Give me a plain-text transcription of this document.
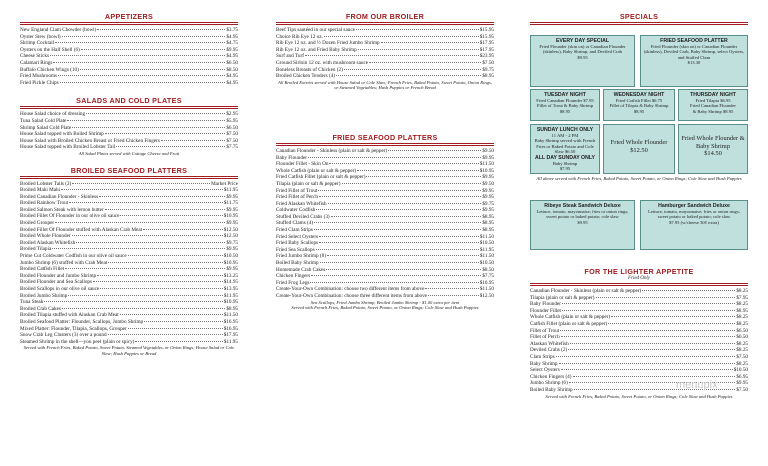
APPETIZERS
New England Clam Chowder (bowl)	$3.75
Oyster Stew (bowl)	$4.95
Shrimp Cocktail	$4.75
Oysters on the Half Shell (6)	$9.95
Cheese Sticks	$4.95
Calamari Rings	$6.50
Buffalo Chicken Wings (10)	$8.50
Fried Mushrooms	$4.95
Fried Pickle Chips	$4.95
SALADS AND COLD PLATES
House Salad choice of dressing	$2.95
Tuna Salad Cold Plate	$5.95
Shrimp Salad Cold Plate	$6.50
House Salad topped with Boiled Shrimp	$7.50
House Salad with Broiled Chicken Breast or Fried Chicken Fingers	$7.50
House Salad topped with Broiled Lobster Tail	$7.75
All Salad Plates served with Cottage Cheese and Fruit
BROILED SEAFOOD PLATTERS
Broiled Lobster Tails (2)	Market Price
Broiled Mahi Mahi	$11.95
Broiled Canadian Flounder - Skinless	$9.95
Broiled Rainbow Trout	$11.75
Broiled Salmon Steak with lemon butter	$9.95
Broiled Fillet Of Flounder in our olive oil sauce	$10.95
Broiled Grouper	$9.95
Broiled Fillet Of Flounder stuffed with Alaskan Crab Meat	$12.50
Broiled Whole Flounder	$12.50
Broiled Alaskan Whitefish	$9.75
Broiled Tilapia	$9.95
Prime Cut Coldwater Codfish in our olive oil sauce	$10.50
Jumbo Shrimp (6) stuffed with Crab Meat	$10.95
Broiled Catfish Fillet	$9.95
Broiled Flounder and Jumbo Shrimp	$13.25
Broiled Flounder and Sea Scallops	$14.95
Broiled Scallops in our olive oil sauce	$13.95
Broiled Jumbo Shrimp	$11.95
Tuna Steak	$10.95
Broiled Crab Cakes	$8.95
Broiled Tilapia stuffed with Alaskan Crab Meat	$11.50
Broiled Seafood Platter: Flounder, Scallops, Jumbo Shrimp	$16.95
Mixed Platter: Flounder, Tilapia, Scallops, Grouper	$16.95
Snow Crab Leg Clusters (3) over a pound	$17.95
Steamed Shrimp in the shell—you peel (plain or spicy)	$11.95
Served with French Fries, Baked Potato, Sweet Potato, Steamed Vegetables, or Onion Rings; House Salad or Cole Slaw; Hush Puppies or Bread
FROM OUR BROILER
Beef Tips sautéed in our special sauce	$15.95
Choice Rib Eye 12 oz.	$15.95
Rib Eye 12 oz. and ½ Dozen Fried Jumbo Shrimp	$17.95
Rib Eye 12 oz. and Fried Baby Shrimp	$17.95
Surf and Turf	$23.95
Ground Sirloin 12 oz. with mushroom sauce	$7.50
Boneless Breasts of Chicken (2)	$9.75
Broiled Chicken Tenders (4)	$8.95
All Broiled Entrées served with House Salad or Cole Slaw; French Fries, Baked Potato, Sweet Potato, Onion Rings, or Steamed Vegetables; Hush Puppies or French Bread
FRIED SEAFOOD PLATTERS
Canadian Flounder - Skinless (plain or salt & pepper)	$9.50
Baby Flounder	$9.95
Flounder Fillet - Skin On	$11.50
Whole Catfish (plain or salt & pepper)	$10.95
Fried Catfish Fillet (plain or salt & pepper)	$9.95
Tilapia (plain or salt & pepper)	$9.50
Fried Fillet of Trout	$9.95
Fried Fillet of Perch	$9.95
Fried Alaskan Whitefish	$9.75
Coldwater Codfish	$9.95
Stuffed Deviled Crabs (3)	$8.95
Stuffed Clams (4)	$8.95
Fried Clam Strips	$8.95
Fried Select Oysters	$11.50
Fried Baby Scallops	$10.50
Fried Sea Scallops	$11.95
Fried Jumbo Shrimp (8)	$11.50
Boiled Baby Shrimp	$10.50
Homemade Crab Cakes	$8.50
Chicken Fingers	$7.75
Fried Frog Legs	$10.95
Create-Your-Own Combination: choose two different items from above	$11.50
Create-Your-Own Combination: choose three different items from above	$12.50
Sea Scallops, Fried Jumbo Shrimp, Broiled Jumbo Shrimp - $1.00 extra per item
Served with French Fries, Baked Potato, Sweet Potato, or Onion Rings; Cole Slaw and Hush Puppies
SPECIALS
EVERY DAY SPECIAL
Fried Flounder (skin on) or Canadian Flounder (skinless), Baby Shrimp, and Deviled Crab
$9.95
FRIED SEAFOOD PLATTER
Fried Flounder (skin on) or Canadian Flounder (skinless), Deviled Crab, Baby Shrimp, select Oysters, and Stuffed Clam
$13.30
TUESDAY NIGHT
Fried Canadian Flounder $7.95
Fillet of Trout & Baby Shrimp
$8.95
WEDNESDAY NIGHT
Fried Catfish Fillet $6.75
Fillet of Tilapia & Baby Shrimp
$8.95
THURSDAY NIGHT
Fried Tilapia $6.95
Fried Canadian Flounder
& Baby Shrimp $8.95
SUNDAY LUNCH ONLY
11 AM - 2 PM
Baby Shrimp served with French Fries or Baked Potato and Cole Slaw $6.50
ALL DAY SUNDAY ONLY
Baby Shrimp
$7.95
Fried Whole Flounder
$12.50
Fried Whole Flounder & Baby Shrimp
$14.50
All above served with French Fries, Baked Potato, Sweet Potato, or Onion Rings; Cole Slaw and Hush Puppies
Ribeye Steak Sandwich Deluxe
Lettuce, tomato, mayonnaise; fries or onion rings; sweet potato or baked potato; cole slaw
$9.95
Hamburger Sandwich Deluxe
Lettuce, tomato, mayonnaise; fries or onion rings; sweet potato or baked potato; cole slaw
$7.95 (w/cheese 30¢ extra)
FOR THE LIGHTER APPETITE
Fried Only
Canadian Flounder - Skinless (plain or salt & pepper)	$8.25
Tilapia (plain or salt & pepper)	$7.95
Baby Flounder	$8.25
Flounder Fillet	$8.95
Whole Catfish (plain or salt & pepper)	$8.25
Catfish Fillet (plain or salt & pepper)	$8.25
Fillet of Trout	$6.50
Fillet of Perch	$6.50
Alaskan Whitefish	$8.25
Deviled Crabs (2)	$8.25
Clam Strips	$7.50
Baby Shrimp	$8.25
Select Oysters	$10.50
Chicken Fingers (4)	$6.95
Jumbo Shrimp (6)	$9.95
Boiled Baby Shrimp	$7.50
Served with French Fries, Baked Potato, Sweet Potato, or Onion Rings; Cole Slaw and Hush Puppies
menupix
